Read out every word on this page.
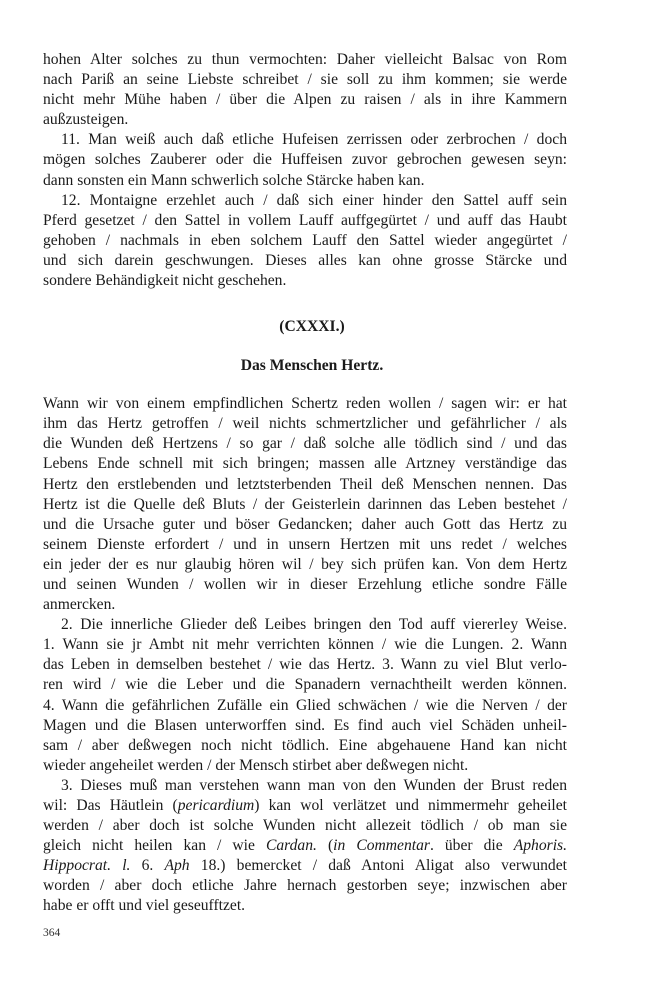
hohen Alter solches zu thun vermochten: Daher vielleicht Balsac von Rom
nach Pariß an seine Liebste schreibet / sie soll zu ihm kommen; sie werde
nicht mehr Mühe haben / über die Alpen zu raisen / als in ihre Kammern
außzusteigen.
11. Man weiß auch daß etliche Hufeisen zerrissen oder zerbrochen / doch
mögen solches Zauberer oder die Huffeisen zuvor gebrochen gewesen seyn:
dann sonsten ein Mann schwerlich solche Stärcke haben kan.
12. Montaigne erzehlet auch / daß sich einer hinder den Sattel auff sein
Pferd gesetzet / den Sattel in vollem Lauff auffgegürtet / und auff das Haubt
gehoben / nachmals in eben solchem Lauff den Sattel wieder angegürtet /
und sich darein geschwungen. Dieses alles kan ohne grosse Stärcke und
sondere Behändigkeit nicht geschehen.

(CXXXI.)

Das Menschen Hertz.

Wann wir von einem empfindlichen Schertz reden wollen / sagen wir: er hat
ihm das Hertz getroffen / weil nichts schmertzlicher und gefährlicher / als
die Wunden deß Hertzens / so gar / daß solche alle tödlich sind / und das
Lebens Ende schnell mit sich bringen; massen alle Artzney verständige das
Hertz den erstlebenden und letztsterbenden Theil deß Menschen nennen. Das
Hertz ist die Quelle deß Bluts / der Geisterlein darinnen das Leben bestehet /
und die Ursache guter und böser Gedancken; daher auch Gott das Hertz zu
seinem Dienste erfordert / und in unsern Hertzen mit uns redet / welches
ein jeder der es nur glaubig hören wil / bey sich prüfen kan. Von dem Hertz
und seinen Wunden / wollen wir in dieser Erzehlung etliche sondre Fälle
anmercken.
2. Die innerliche Glieder deß Leibes bringen den Tod auff viererley Weise.
1. Wann sie jr Ambt nit mehr verrichten können / wie die Lungen. 2. Wann
das Leben in demselben bestehet / wie das Hertz. 3. Wann zu viel Blut verlo-
ren wird / wie die Leber und die Spanadern vernachtheilt werden können.
4. Wann die gefährlichen Zufälle ein Glied schwächen / wie die Nerven / der
Magen und die Blasen unterworffen sind. Es find auch viel Schäden unheil-
sam / aber deßwegen noch nicht tödlich. Eine abgehauene Hand kan nicht
wieder angeheilet werden / der Mensch stirbet aber deßwegen nicht.
3. Dieses muß man verstehen wann man von den Wunden der Brust reden
wil: Das Häutlein (pericardium) kan wol verlätzet und nimmermehr geheilet
werden / aber doch ist solche Wunden nicht allezeit tödlich / ob man sie
gleich nicht heilen kan / wie Cardan. (in Commentar. über die Aphoris.
Hippocrat. l. 6. Aph 18.) bemercket / daß Antoni Aligat also verwundet
worden / aber doch etliche Jahre hernach gestorben seye; inzwischen aber
habe er offt und viel geseufftzet.
364
